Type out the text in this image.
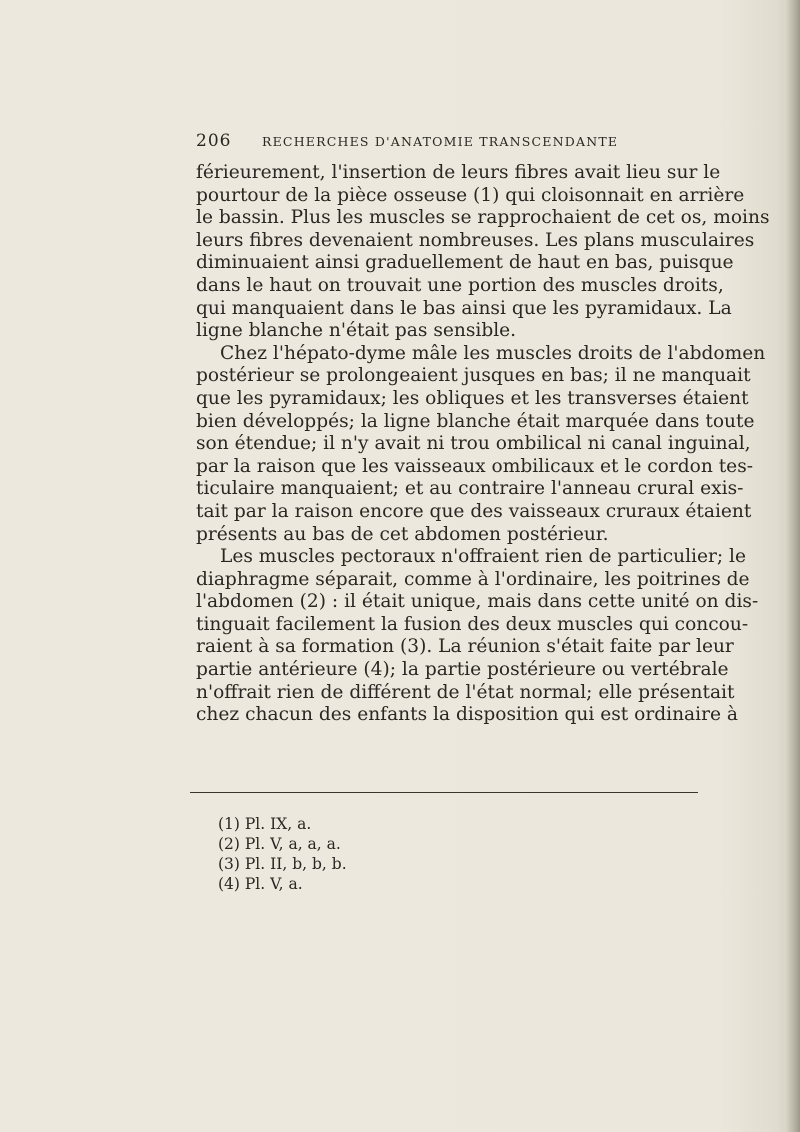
206 RECHERCHES D'ANATOMIE TRANSCENDANTE
férieurement, l'insertion de leurs fibres avait lieu sur le
pourtour de la pièce osseuse (1) qui cloisonnait en arrière
le bassin. Plus les muscles se rapprochaient de cet os, moins
leurs fibres devenaient nombreuses. Les plans musculaires
diminuaient ainsi graduellement de haut en bas, puisque
dans le haut on trouvait une portion des muscles droits,
qui manquaient dans le bas ainsi que les pyramidaux. La
ligne blanche n'était pas sensible.
Chez l'hépato-dyme mâle les muscles droits de l'abdomen
postérieur se prolongeaient jusques en bas; il ne manquait
que les pyramidaux; les obliques et les transverses étaient
bien développés; la ligne blanche était marquée dans toute
son étendue; il n'y avait ni trou ombilical ni canal inguinal,
par la raison que les vaisseaux ombilicaux et le cordon tes-
ticulaire manquaient; et au contraire l'anneau crural exis-
tait par la raison encore que des vaisseaux cruraux étaient
présents au bas de cet abdomen postérieur.
Les muscles pectoraux n'offraient rien de particulier; le
diaphragme séparait, comme à l'ordinaire, les poitrines de
l'abdomen (2) : il était unique, mais dans cette unité on dis-
tinguait facilement la fusion des deux muscles qui concou-
raient à sa formation (3). La réunion s'était faite par leur
partie antérieure (4); la partie postérieure ou vertébrale
n'offrait rien de différent de l'état normal; elle présentait
chez chacun des enfants la disposition qui est ordinaire à
(1) Pl. IX, a.
(2) Pl. V, a, a, a.
(3) Pl. II, b, b, b.
(4) Pl. V, a.
